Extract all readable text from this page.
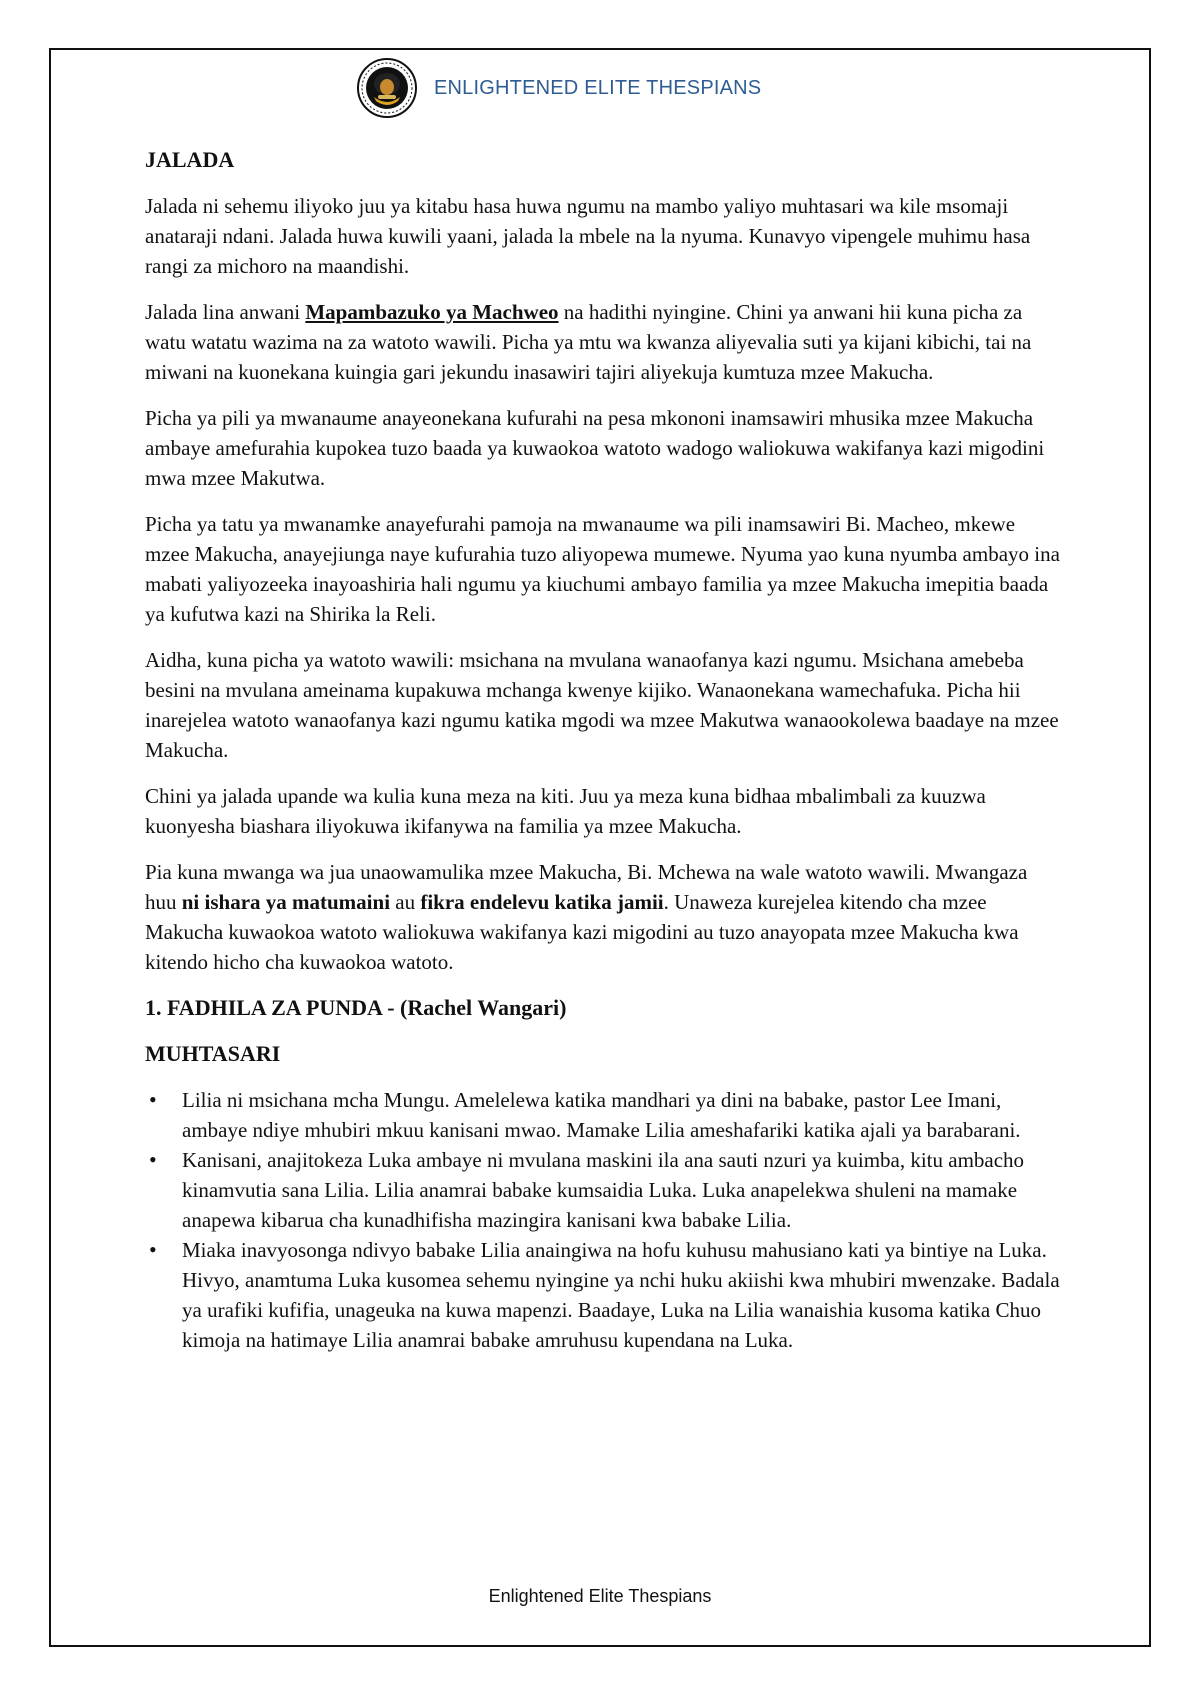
ENLIGHTENED ELITE THESPIANS
JALADA

Jalada ni sehemu iliyoko juu ya kitabu hasa huwa ngumu na mambo yaliyo muhtasari wa kile msomaji anataraji ndani. Jalada huwa kuwili yaani, jalada la mbele na la nyuma. Kunavyo vipengele muhimu hasa rangi za michoro na maandishi.

Jalada lina anwani Mapambazuko ya Machweo na hadithi nyingine. Chini ya anwani hii kuna picha za watu watatu wazima na za watoto wawili. Picha ya mtu wa kwanza aliyevalia suti ya kijani kibichi, tai na miwani na kuonekana kuingia gari jekundu inasawiri tajiri aliyekuja kumtuza mzee Makucha.

Picha ya pili ya mwanaume anayeonekana kufurahi na pesa mkononi inamsawiri mhusika mzee Makucha ambaye amefurahia kupokea tuzo baada ya kuwaokoa watoto wadogo waliokuwa wakifanya kazi migodini mwa mzee Makutwa.

Picha ya tatu ya mwanamke anayefurahi pamoja na mwanaume wa pili inamsawiri Bi. Macheo, mkewe mzee Makucha, anayejiunga naye kufurahia tuzo aliyopewa mumewe. Nyuma yao kuna nyumba ambayo ina mabati yaliyozeeka inayoashiria hali ngumu ya kiuchumi ambayo familia ya mzee Makucha imepitia baada ya kufutwa kazi na Shirika la Reli.

Aidha, kuna picha ya watoto wawili: msichana na mvulana wanaofanya kazi ngumu. Msichana amebeba besini na mvulana ameinama kupakuwa mchanga kwenye kijiko. Wanaonekana wamechafuka. Picha hii inarejelea watoto wanaofanya kazi ngumu katika mgodi wa mzee Makutwa wanaookolewa baadaye na mzee Makucha.

Chini ya jalada upande wa kulia kuna meza na kiti. Juu ya meza kuna bidhaa mbalimbali za kuuzwa kuonyesha biashara iliyokuwa ikifanywa na familia ya mzee Makucha.

Pia kuna mwanga wa jua unaowamulika mzee Makucha, Bi. Mchewa na wale watoto wawili. Mwangaza huu ni ishara ya matumaini au fikra endelevu katika jamii. Unaweza kurejelea kitendo cha mzee Makucha kuwaokoa watoto waliokuwa wakifanya kazi migodini au tuzo anayopata mzee Makucha kwa kitendo hicho cha kuwaokoa watoto.

1. FADHILA ZA PUNDA - (Rachel Wangari)
MUHTASARI
• Lilia ni msichana mcha Mungu. Amelelewa katika mandhari ya dini na babake, pastor Lee Imani, ambaye ndiye mhubiri mkuu kanisani mwao. Mamake Lilia ameshafariki katika ajali ya barabarani.
• Kanisani, anajitokeza Luka ambaye ni mvulana maskini ila ana sauti nzuri ya kuimba, kitu ambacho kinamvutia sana Lilia. Lilia anamrai babake kumsaidia Luka. Luka anapelekwa shuleni na mamake anapewa kibarua cha kunadhifisha mazingira kanisani kwa babake Lilia.
• Miaka inavyosonga ndivyo babake Lilia anaingiwa na hofu kuhusu mahusiano kati ya bintiye na Luka. Hivyo, anamtuma Luka kusomea sehemu nyingine ya nchi huku akiishi kwa mhubiri mwenzake. Badala ya urafiki kufifia, unageuka na kuwa mapenzi. Baadaye, Luka na Lilia wanaishia kusoma katika Chuo kimoja na hatimaye Lilia anamrai babake amruhusu kupendana na Luka.
Enlightened Elite Thespians
